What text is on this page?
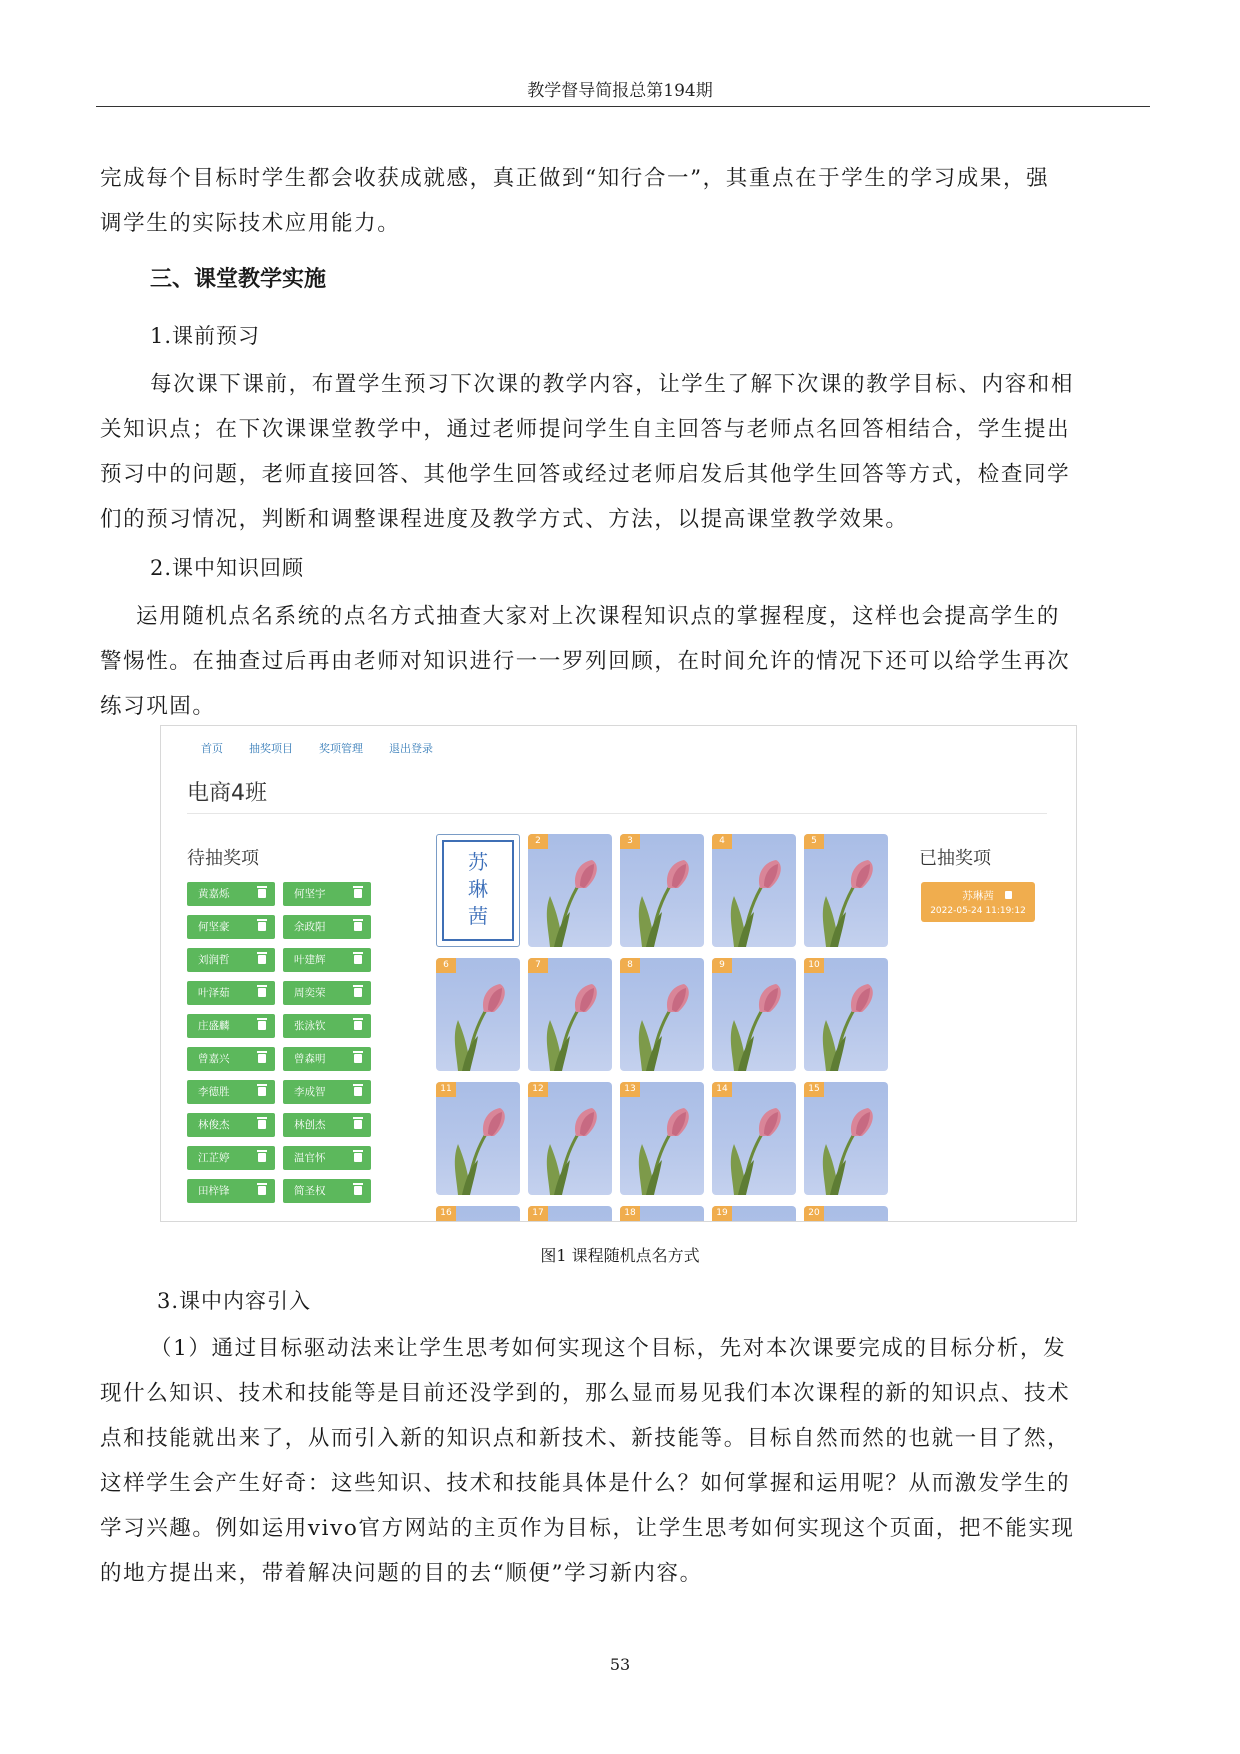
教学督导简报总第194期
完成每个目标时学生都会收获成就感，真正做到“知行合一”，其重点在于学生的学习成果，强
调学生的实际技术应用能力。
三、课堂教学实施
1.课前预习
每次课下课前，布置学生预习下次课的教学内容，让学生了解下次课的教学目标、内容和相
关知识点；在下次课课堂教学中，通过老师提问学生自主回答与老师点名回答相结合，学生提出
预习中的问题，老师直接回答、其他学生回答或经过老师启发后其他学生回答等方式，检查同学
们的预习情况，判断和调整课程进度及教学方式、方法，以提高课堂教学效果。
2.课中知识回顾
运用随机点名系统的点名方式抽查大家对上次课程知识点的掌握程度，这样也会提高学生的
警惕性。在抽查过后再由老师对知识进行一一罗列回顾，在时间允许的情况下还可以给学生再次
练习巩固。
首页 抽奖项目 奖项管理 退出登录
电商4班
待抽奖项
黄嘉烁	何坚宇
何坚豪	余政阳
刘润哲	叶建辉
叶泽茹	周奕荣
庄盛麟	张泳钦
曾嘉兴	曾森明
李德胜	李成智
林俊杰	林创杰
江芷婷	温官怀
田梓锋	简圣权
苏
琳
茜
2	3	4	5
6	7	8	9	10
11	12	13	14	15
16	17	18	19	20
已抽奖项
苏琳茜
2022-05-24 11:19:12
图1 课程随机点名方式
3.课中内容引入
（1）通过目标驱动法来让学生思考如何实现这个目标，先对本次课要完成的目标分析，发
现什么知识、技术和技能等是目前还没学到的，那么显而易见我们本次课程的新的知识点、技术
点和技能就出来了，从而引入新的知识点和新技术、新技能等。目标自然而然的也就一目了然，
这样学生会产生好奇：这些知识、技术和技能具体是什么？如何掌握和运用呢？从而激发学生的
学习兴趣。例如运用vivo官方网站的主页作为目标，让学生思考如何实现这个页面，把不能实现
的地方提出来，带着解决问题的目的去“顺便”学习新内容。
53
